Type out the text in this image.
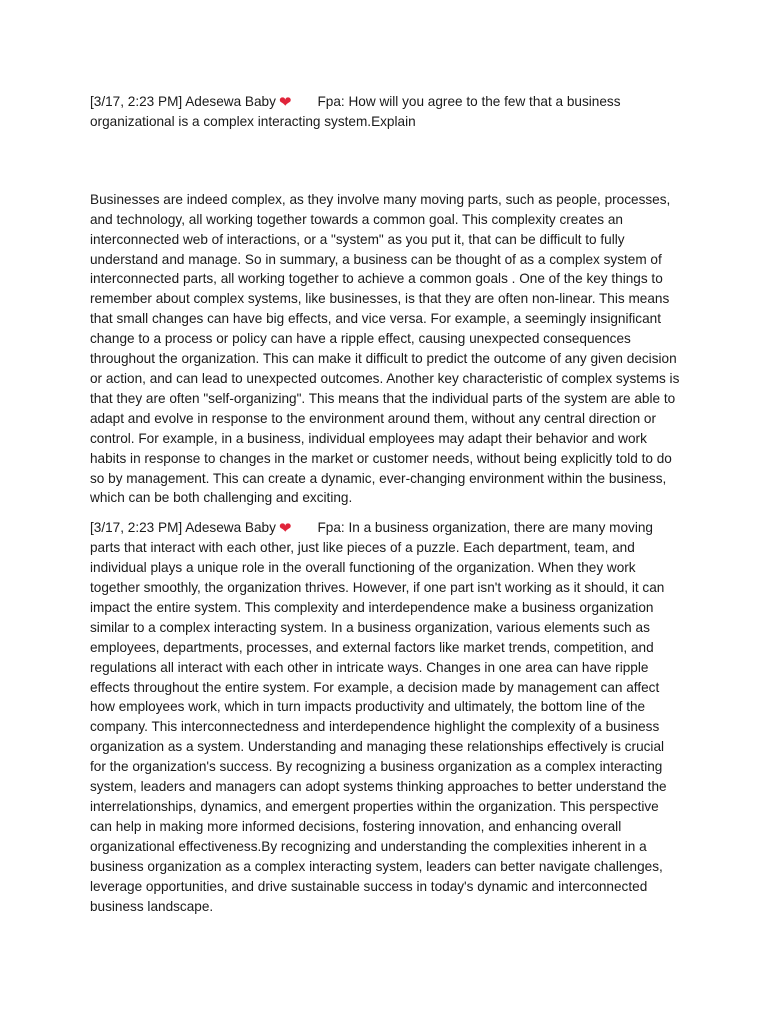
[3/17, 2:23 PM] Adesewa Baby ❤ Fpa: How will you agree to the few that a business organizational is a complex interacting system.Explain

Businesses are indeed complex, as they involve many moving parts, such as people, processes, and technology, all working together towards a common goal. This complexity creates an interconnected web of interactions, or a "system" as you put it, that can be difficult to fully understand and manage. So in summary, a business can be thought of as a complex system of interconnected parts, all working together to achieve a common goals . One of the key things to remember about complex systems, like businesses, is that they are often non-linear. This means that small changes can have big effects, and vice versa. For example, a seemingly insignificant change to a process or policy can have a ripple effect, causing unexpected consequences throughout the organization. This can make it difficult to predict the outcome of any given decision or action, and can lead to unexpected outcomes. Another key characteristic of complex systems is that they are often "self-organizing". This means that the individual parts of the system are able to adapt and evolve in response to the environment around them, without any central direction or control. For example, in a business, individual employees may adapt their behavior and work habits in response to changes in the market or customer needs, without being explicitly told to do so by management. This can create a dynamic, ever-changing environment within the business, which can be both challenging and exciting.

[3/17, 2:23 PM] Adesewa Baby ❤ Fpa: In a business organization, there are many moving parts that interact with each other, just like pieces of a puzzle. Each department, team, and individual plays a unique role in the overall functioning of the organization. When they work together smoothly, the organization thrives. However, if one part isn't working as it should, it can impact the entire system. This complexity and interdependence make a business organization similar to a complex interacting system. In a business organization, various elements such as employees, departments, processes, and external factors like market trends, competition, and regulations all interact with each other in intricate ways. Changes in one area can have ripple effects throughout the entire system. For example, a decision made by management can affect how employees work, which in turn impacts productivity and ultimately, the bottom line of the company. This interconnectedness and interdependence highlight the complexity of a business organization as a system. Understanding and managing these relationships effectively is crucial for the organization's success. By recognizing a business organization as a complex interacting system, leaders and managers can adopt systems thinking approaches to better understand the interrelationships, dynamics, and emergent properties within the organization. This perspective can help in making more informed decisions, fostering innovation, and enhancing overall organizational effectiveness.By recognizing and understanding the complexities inherent in a business organization as a complex interacting system, leaders can better navigate challenges, leverage opportunities, and drive sustainable success in today's dynamic and interconnected business landscape.
